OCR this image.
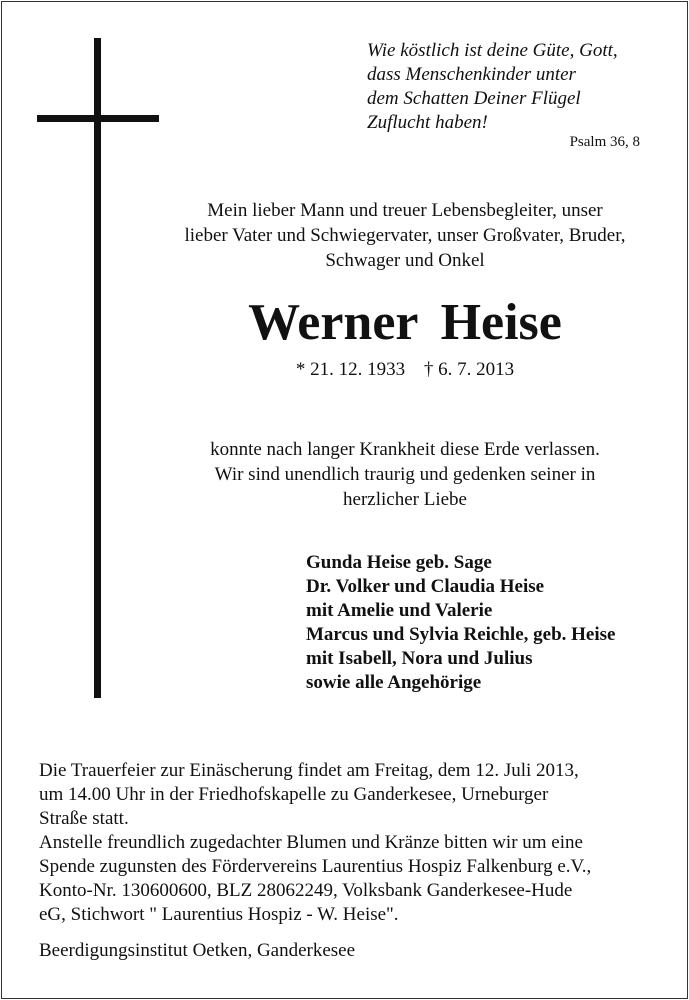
Wie köstlich ist deine Güte, Gott,
dass Menschenkinder unter
dem Schatten Deiner Flügel
Zuflucht haben!
Psalm 36, 8
Mein lieber Mann und treuer Lebensbegleiter, unser
lieber Vater und Schwiegervater, unser Großvater, Bruder,
Schwager und Onkel
Werner Heise
* 21. 12. 1933 † 6. 7. 2013
konnte nach langer Krankheit diese Erde verlassen.
Wir sind unendlich traurig und gedenken seiner in
herzlicher Liebe
Gunda Heise geb. Sage
Dr. Volker und Claudia Heise
mit Amelie und Valerie
Marcus und Sylvia Reichle, geb. Heise
mit Isabell, Nora und Julius
sowie alle Angehörige
Die Trauerfeier zur Einäscherung findet am Freitag, dem 12. Juli 2013,
um 14.00 Uhr in der Friedhofskapelle zu Ganderkesee, Urneburger
Straße statt.
Anstelle freundlich zugedachter Blumen und Kränze bitten wir um eine
Spende zugunsten des Fördervereins Laurentius Hospiz Falkenburg e.V.,
Konto-Nr. 130600600, BLZ 28062249, Volksbank Ganderkesee-Hude
eG, Stichwort " Laurentius Hospiz - W. Heise".
Beerdigungsinstitut Oetken, Ganderkesee
